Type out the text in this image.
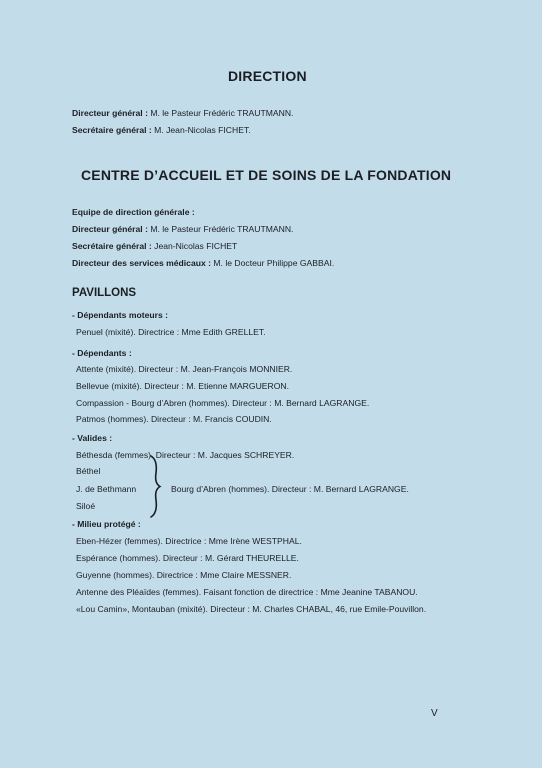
DIRECTION
Directeur général : M. le Pasteur Frédéric TRAUTMANN.
Secrétaire général : M. Jean-Nicolas FICHET.
CENTRE D’ACCUEIL ET DE SOINS DE LA FONDATION
Equipe de direction générale :
Directeur général : M. le Pasteur Frédéric TRAUTMANN.
Secrétaire général : Jean-Nicolas FICHET
Directeur des services médicaux : M. le Docteur Philippe GABBAI.
PAVILLONS
- Dépendants moteurs :
Penuel (mixité). Directrice : Mme Edith GRELLET.
- Dépendants :
Attente (mixité). Directeur : M. Jean-François MONNIER.
Bellevue (mixité). Directeur : M. Etienne MARGUERON.
Compassion - Bourg d’Abren (hommes). Directeur : M. Bernard LAGRANGE.
Patmos (hommes). Directeur : M. Francis COUDIN.
- Valides :
Béthesda (femmes). Directeur : M. Jacques SCHREYER.
Béthel
J. de Bethmann
Siloé
Bourg d’Abren (hommes). Directeur : M. Bernard LAGRANGE.
- Milieu protégé :
Eben-Hézer (femmes). Directrice : Mme Irène WESTPHAL.
Espérance (hommes). Directeur : M. Gérard THEURELLE.
Guyenne (hommes). Directrice : Mme Claire MESSNER.
Antenne des Pléaïdes (femmes). Faisant fonction de directrice : Mme Jeanine TABANOU.
«Lou Camin», Montauban (mixité). Directeur : M. Charles CHABAL, 46, rue Emile-Pouvillon.
V
